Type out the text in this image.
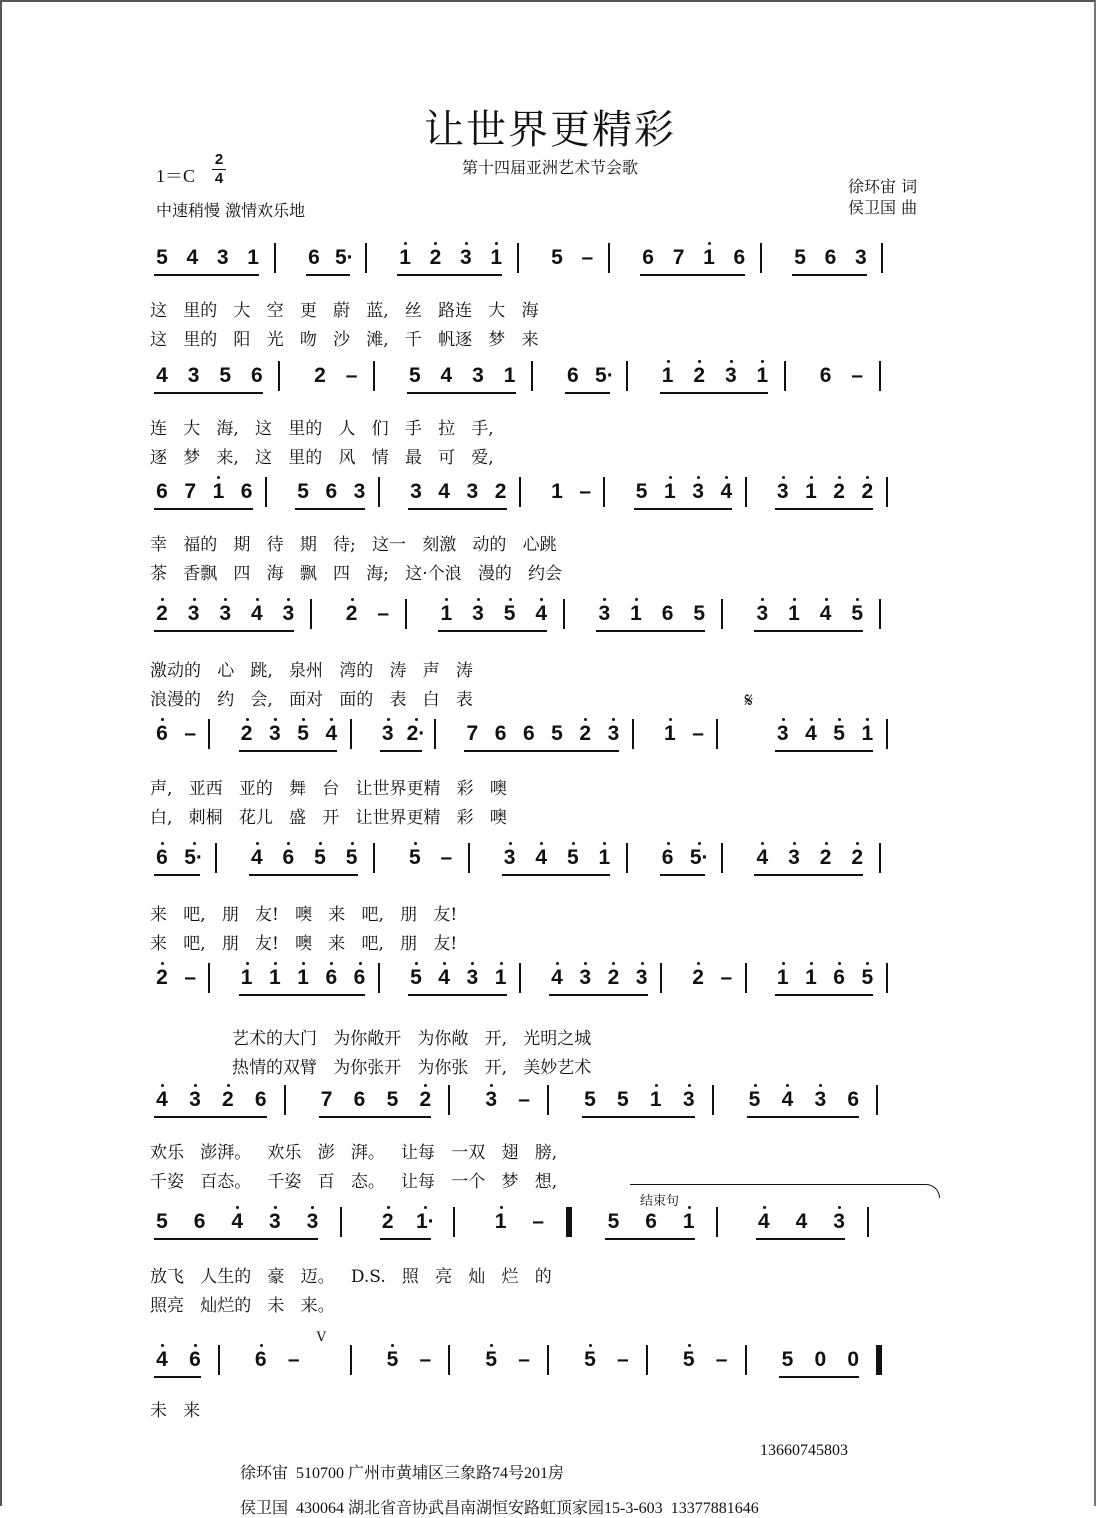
让世界更精彩
第十四届亚洲艺术节会歌
1＝C
2
4
中速稍慢 激情欢乐地
徐环宙 词
侯卫国 曲
5 4 3 1 6 5· 1 2 3 1 5 – 6 7 1 6 5 6 3
这   里的   大   空   更   蔚   蓝,   丝   路连   大   海
这   里的   阳   光   吻   沙   滩,   千   帆逐   梦   来
4 3 5 6 2 – 5 4 3 1 6 5· 1 2 3 1 6 –
连   大   海,   这   里的   人   们   手   拉   手,
逐   梦   来,   这   里的   风   情   最   可   爱,
6 7 1 6 5 6 3 3 4 3 2 1 – 5 1 3 4 3 1 2 2
幸   福的   期   待   期   待;   这一   刻激   动的   心跳
茶   香飘   四   海   飘   四   海;   这·个浪   漫的   约会
2 3 3 4 3 2 – 1 3 5 4 3 1 6 5 3 1 4 5
激动的   心   跳,   泉州   湾的   涛   声   涛
浪漫的   约   会,   面对   面的   表   白   表
6 – 2 3 5 4 3 2· 7 6 6 5 2 3 1 –
𝄋
3 4 5 1
声,   亚西   亚的   舞   台   让世界更精   彩   噢
白,   刺桐   花儿   盛   开   让世界更精   彩   噢
6 5· 4 6 5 5 5 – 3 4 5 1 6 5· 4 3 2 2
来   吧,   朋   友!   噢   来   吧,   朋   友!
来   吧,   朋   友!   噢   来   吧,   朋   友!
2 – 1 1 1 6 6 5 4 3 1 4 3 2 3 2 – 1 1 6 5
艺术的大门   为你敞开   为你敞   开,   光明之城
热情的双臂   为你张开   为你张   开,   美妙艺术
4 3 2 6	7 6 5 2	3 –	5 5 1 3	5 4 3 6
欢乐   澎湃。   欢乐   澎   湃。   让每   一双   翅   膀,
千姿   百态。   千姿   百   态。   让每   一个   梦   想,
5 6 4 3 3	2 1·	1 –	5 6 1	4 4 3
结束句
放飞   人生的   豪   迈。   D.S.   照   亮   灿   烂   的
照亮   灿烂的   未   来。
4 6	6 –
V
5 –	5 –	5 –	5 –	5 0 0
未   来

徐环宙 510700 广州市黄埔区三象路74号201房

13660745803

侯卫国 430064 湖北省音协武昌南湖恒安路虹顶家园15-3-603 13377881646
